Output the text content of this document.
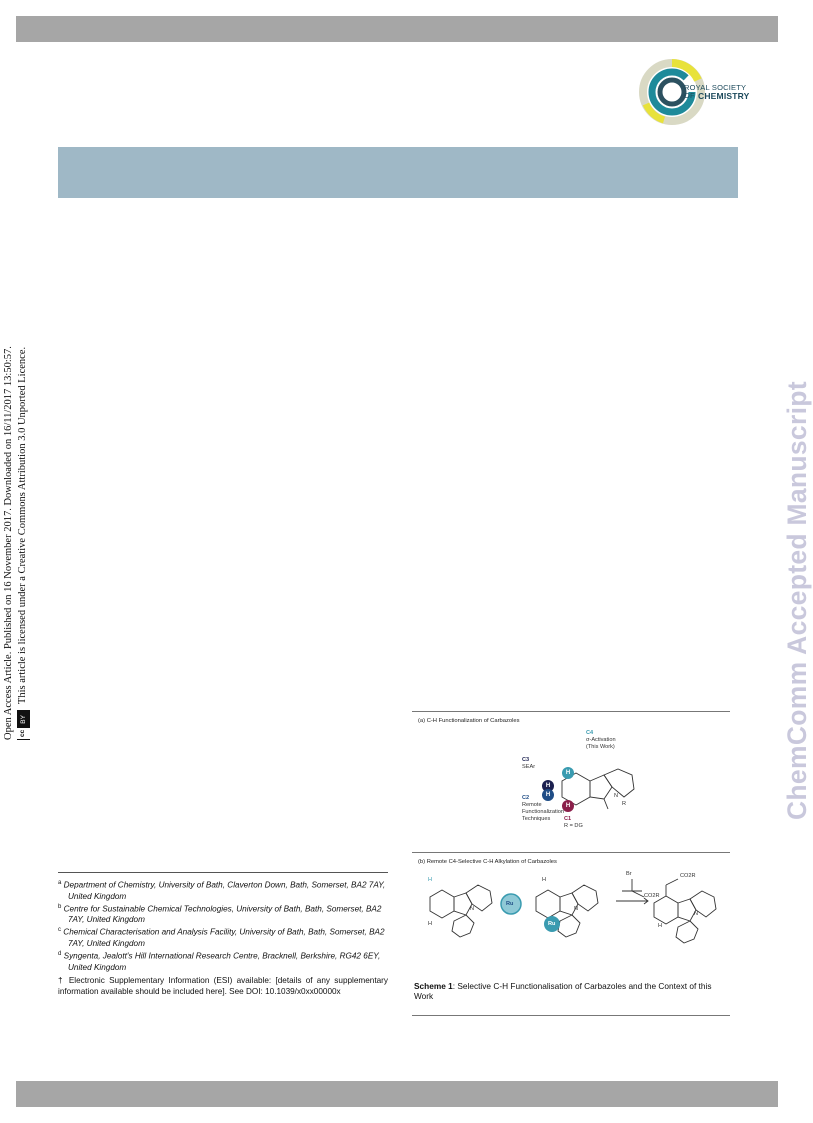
ROYAL SOCIETY
OF CHEMISTRY
Open Access Article. Published on 16 November 2017. Downloaded on 16/11/2017 13:50:57. cc
BY
This article is licensed under a Creative Commons Attribution 3.0 Unported Licence.	ChemComm Accepted Manuscript

$^a$ Department of Chemistry, University of Bath, Claverton Down, Bath, Somerset, BA2 7AY, United Kingdom

$^b$ Centre for Sustainable Chemical Technologies, University of Bath, Bath, Somerset, BA2 7AY, United Kingdom

$^c$ Chemical Characterisation and Analysis Facility, University of Bath, Bath, Somerset, BA2 7AY, United Kingdom

$^d$ Syngenta, Jealott's Hill International Research Centre, Bracknell, Berkshire, RG42 6EY, United Kingdom

† Electronic Supplementary Information (ESI) available: [details of any supplementary information available should be included here]. See DOI: 10.1039/x0xx00000x

(a) C-H Functionalization of Carbazoles
H
H
H
H
N
R
C4
σ-Activation
(This Work)
C3
SEAr
C2
Remote
Functionalization
Techniques	C1
R = DG
(b) Remote C4-Selective C-H Alkylation of Carbazoles
H
H
N
Ru
H
Ru
N
Br
CO2R
CO2R
H
N
Scheme 1: Selective C-H Functionalisation of Carbazoles and the Context of this Work
